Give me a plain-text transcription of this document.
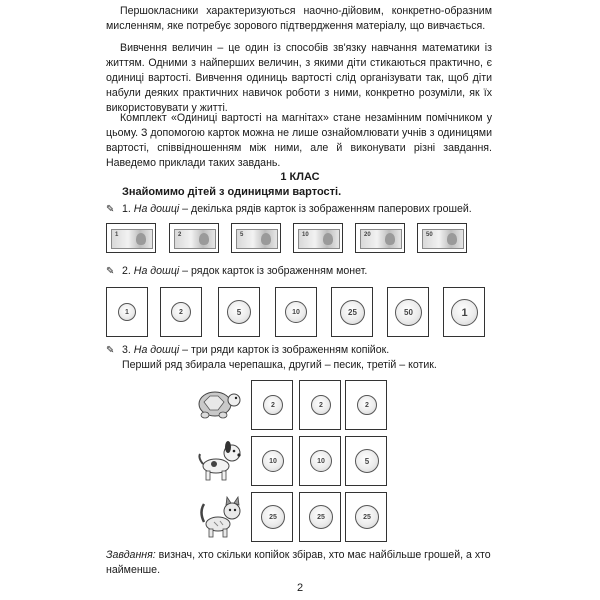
Першокласники характеризуються наочно-дійовим, конкретно-образним мисленням, яке потребує зорового підтвердження матеріалу, що вивчається.

Вивчення величин – це один із способів зв'язку навчання математики із життям. Одними з найперших величин, з якими діти стикаються практично, є одиниці вартості. Вивчення одиниць вартості слід організувати так, щоб діти набули деяких практичних навичок роботи з ними, конкретно розуміли, як їх використовувати у житті.

Комплект «Одиниці вартості на магнітах» стане незамінним помічником у цьому. З допомогою карток можна не лише ознайомлювати учнів з одиницями вартості, співвідношенням між ними, але й виконувати різні завдання. Наведемо приклади таких завдань.

1 КЛАС
Знайомимо дітей з одиницями вартості.
✎ 1. На дошці – декілька рядів карток із зображенням паперових грошей.
1	2	5	10	20	50
✎ 2. На дошці – рядок карток із зображенням монет.
1	2	5	10	25	50	1
✎ 3. На дошці – три ряди карток із зображенням копійок.
Перший ряд збирала черепашка, другий – песик, третій – котик.
2	2	2
10	10	5
25	25	25
Завдання: визнач, хто скільки копійок збірав, хто має найбільше грошей, а хто найменше.
2
